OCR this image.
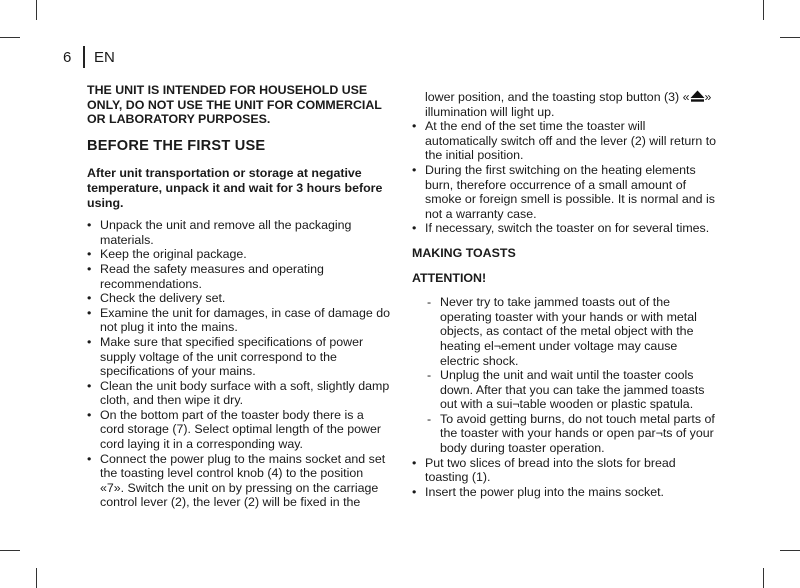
6 EN
THE UNIT IS INTENDED FOR HOUSEHOLD USE ONLY, DO NOT USE THE UNIT FOR COMMERCIAL OR LABORATORY PURPOSES.
BEFORE THE FIRST USE
After unit transportation or storage at negative temperature, unpack it and wait for 3 hours before using.
• Unpack the unit and remove all the packaging materials.
• Keep the original package.
• Read the safety measures and operating recommendations.
• Check the delivery set.
• Examine the unit for damages, in case of damage do not plug it into the mains.
• Make sure that specified specifications of power supply voltage of the unit correspond to the specifications of your mains.
• Clean the unit body surface with a soft, slightly damp cloth, and then wipe it dry.
• On the bottom part of the toaster body there is a cord storage (7). Select optimal length of the power cord laying it in a corresponding way.
• Connect the power plug to the mains socket and set the toasting level control knob (4) to the position «7». Switch the unit on by pressing on the carriage control lever (2), the lever (2) will be fixed in the
lower position, and the toasting stop button (3) « » illumination will light up.
• At the end of the set time the toaster will automatically switch off and the lever (2) will return to the initial position.
• During the first switching on the heating elements burn, therefore occurrence of a small amount of smoke or foreign smell is possible. It is normal and is not a warranty case.
• If necessary, switch the toaster on for several times.
MAKING TOASTS
ATTENTION!
- Never try to take jammed toasts out of the operating toaster with your hands or with metal objects, as contact of the metal object with the heating el¬ement under voltage may cause electric shock.
- Unplug the unit and wait until the toaster cools down. After that you can take the jammed toasts out with a sui¬table wooden or plastic spatula.
- To avoid getting burns, do not touch metal parts of the toaster with your hands or open par¬ts of your body during toaster operation.
• Put two slices of bread into the slots for bread toasting (1).
• Insert the power plug into the mains socket.
